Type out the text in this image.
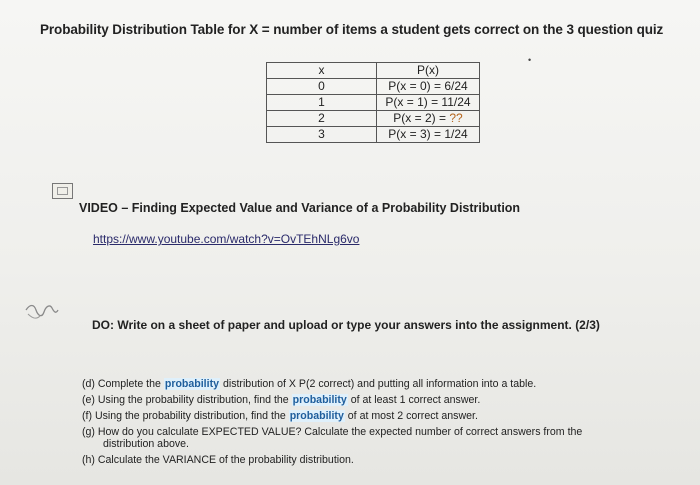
Probability Distribution Table for X = number of items a student gets correct on the 3 question quiz
•
x	P(x)
0	P(x = 0) = 6/24
1	P(x = 1) = 11/24
2	P(x = 2) = ??
3	P(x = 3) = 1/24
VIDEO – Finding Expected Value and Variance of a Probability Distribution
https://www.youtube.com/watch?v=OvTEhNLg6vo
DO: Write on a sheet of paper and upload or type your answers into the assignment. (2/3)
(d) Complete the probability distribution of X P(2 correct) and putting all information into a table.
(e) Using the probability distribution, find the probability of at least 1 correct answer.
(f) Using the probability distribution, find the probability of at most 2 correct answer.
(g) How do you calculate EXPECTED VALUE? Calculate the expected number of correct answers from the
distribution above.
(h) Calculate the VARIANCE of the probability distribution.
